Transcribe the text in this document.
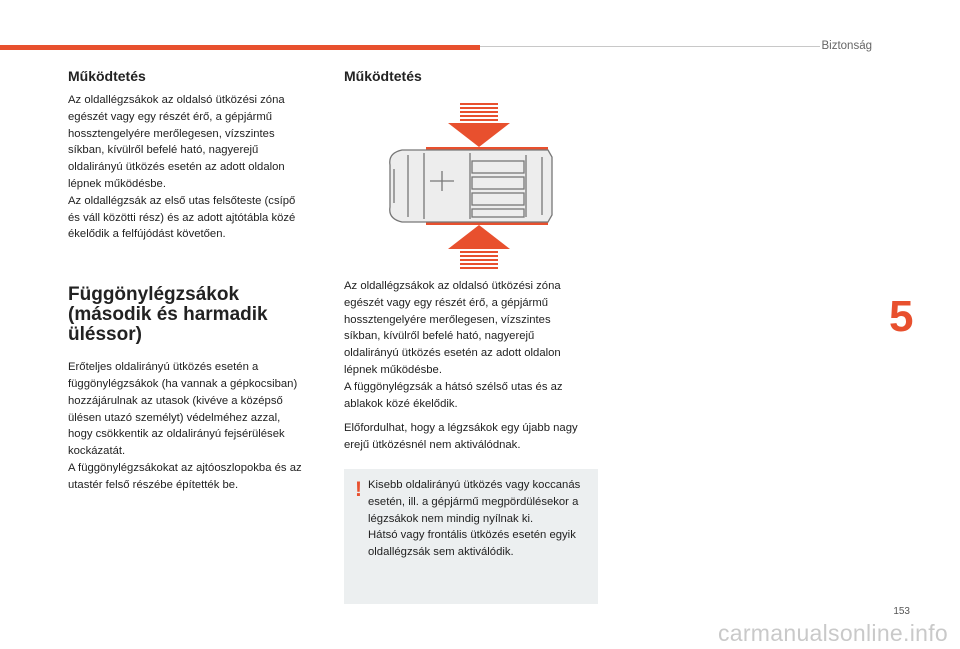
Biztonság
Működtetés

Az oldallégzsákok az oldalsó ütközési zóna
egészét vagy egy részét érő, a gépjármű
hossztengelyére merőlegesen, vízszintes
síkban, kívülről befelé ható, nagyerejű
oldalirányú ütközés esetén az adott oldalon
lépnek működésbe.
Az oldallégzsák az első utas felsőteste (csípő
és váll közötti rész) és az adott ajtótábla közé
ékelődik a felfújódást követően.

Függönylégzsákok
(második és harmadik
üléssor)

Erőteljes oldalirányú ütközés esetén a
függönylégzsákok (ha vannak a gépkocsiban)
hozzájárulnak az utasok (kivéve a középső
ülésen utazó személyt) védelméhez azzal,
hogy csökkentik az oldalirányú fejsérülések
kockázatát.
A függönylégzsákokat az ajtóoszlopokba és az
utastér felső részébe építették be.

Működtetés

Az oldallégzsákok az oldalsó ütközési zóna
egészét vagy egy részét érő, a gépjármű
hossztengelyére merőlegesen, vízszintes
síkban, kívülről befelé ható, nagyerejű
oldalirányú ütközés esetén az adott oldalon
lépnek működésbe.
A függönylégzsák a hátsó szélső utas és az
ablakok közé ékelődik.

Előfordulhat, hogy a légzsákok egy újabb nagy
erejű ütközésnél nem aktiválódnak.

! Kisebb oldalirányú ütközés vagy koccanás
esetén, ill. a gépjármű megpördülésekor a
légzsákok nem mindig nyílnak ki.
Hátsó vagy frontális ütközés esetén egyik
oldallégzsák sem aktiválódik.
5
153
carmanualsonline.info
